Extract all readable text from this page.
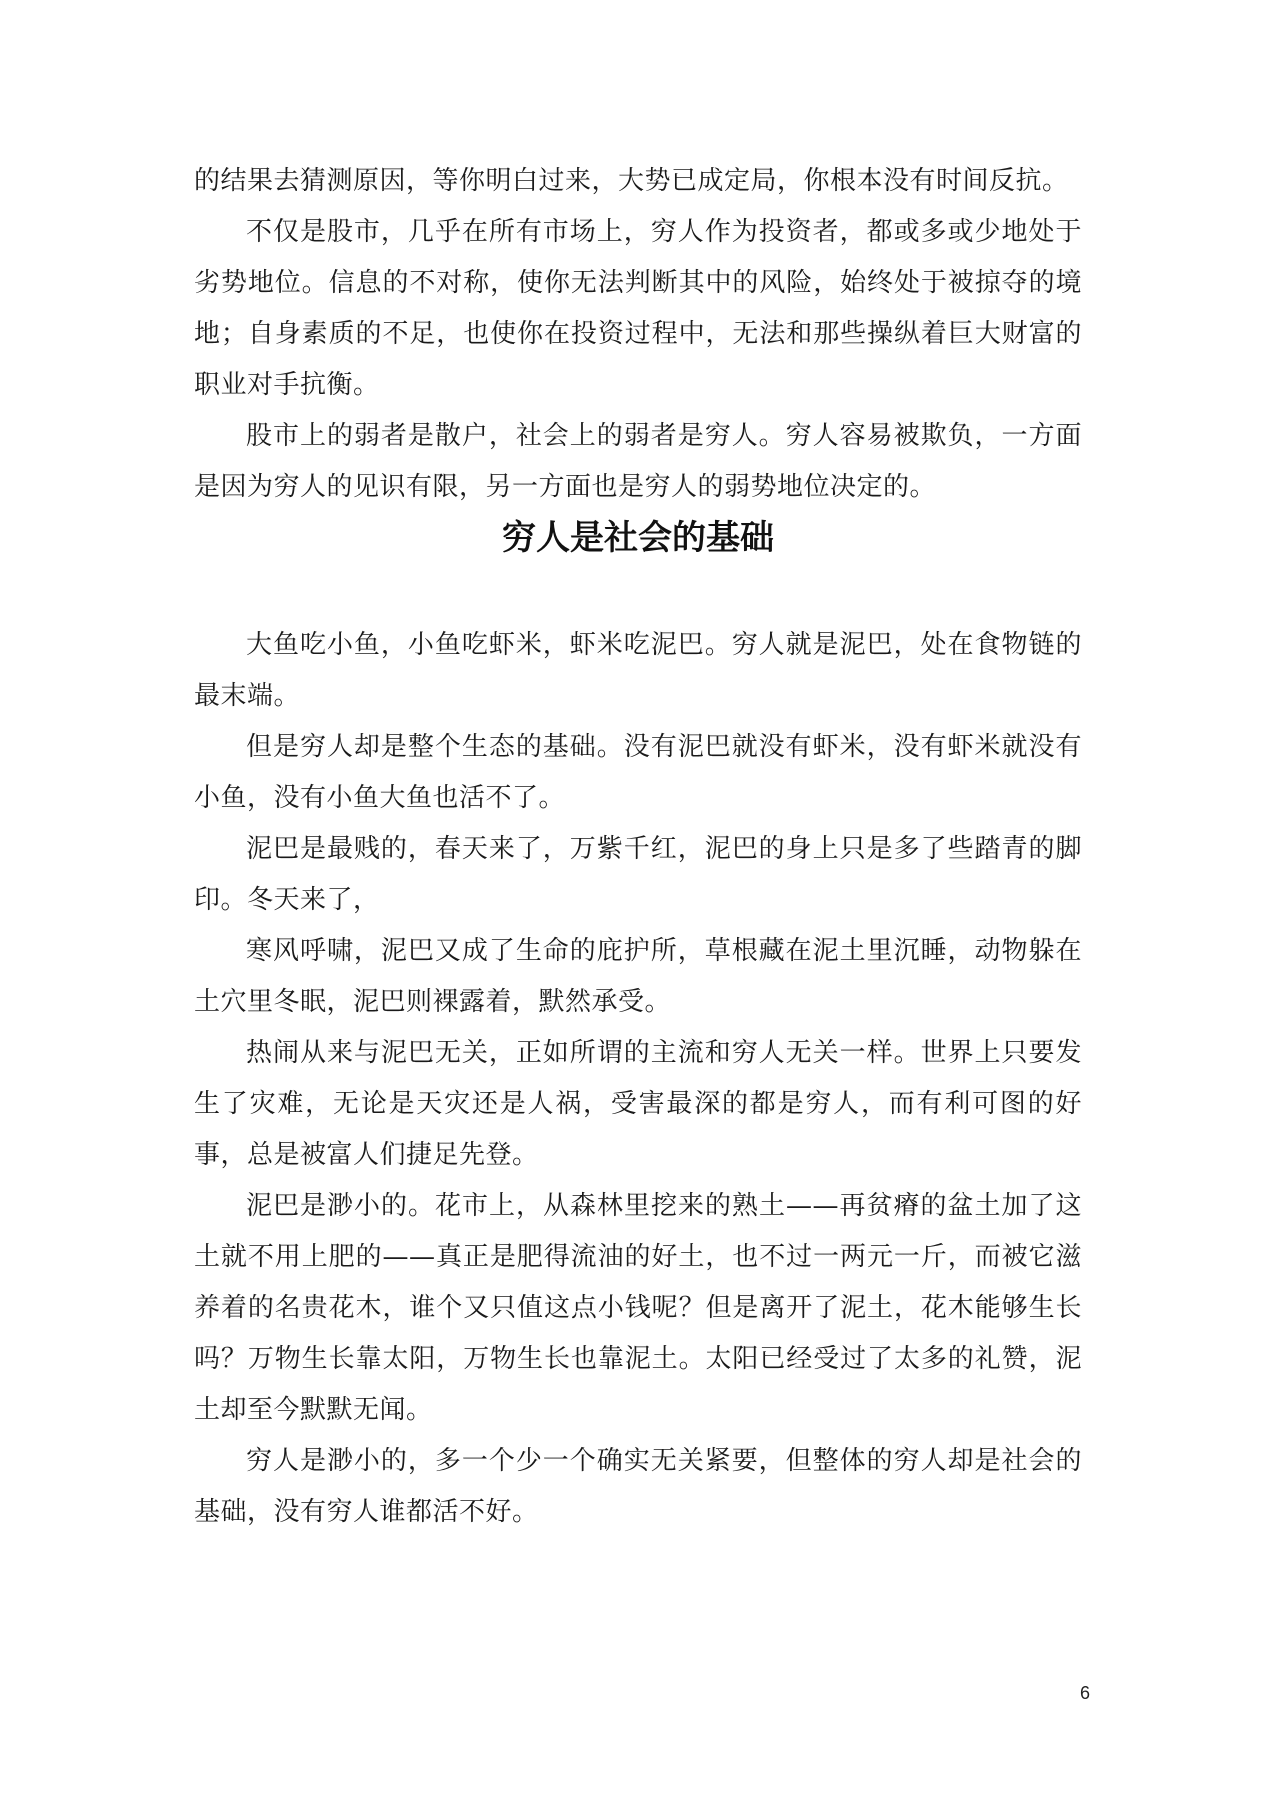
的结果去猜测原因，等你明白过来，大势已成定局，你根本没有时间反抗。

不仅是股市，几乎在所有市场上，穷人作为投资者，都或多或少地处于劣势地位。信息的不对称，使你无法判断其中的风险，始终处于被掠夺的境地；自身素质的不足，也使你在投资过程中，无法和那些操纵着巨大财富的职业对手抗衡。

股市上的弱者是散户，社会上的弱者是穷人。穷人容易被欺负，一方面是因为穷人的见识有限，另一方面也是穷人的弱势地位决定的。

穷人是社会的基础

大鱼吃小鱼，小鱼吃虾米，虾米吃泥巴。穷人就是泥巴，处在食物链的最末端。

但是穷人却是整个生态的基础。没有泥巴就没有虾米，没有虾米就没有小鱼，没有小鱼大鱼也活不了。

泥巴是最贱的，春天来了，万紫千红，泥巴的身上只是多了些踏青的脚印。冬天来了，

寒风呼啸，泥巴又成了生命的庇护所，草根藏在泥土里沉睡，动物躲在土穴里冬眠，泥巴则裸露着，默然承受。

热闹从来与泥巴无关，正如所谓的主流和穷人无关一样。世界上只要发生了灾难，无论是天灾还是人祸，受害最深的都是穷人，而有利可图的好事，总是被富人们捷足先登。

泥巴是渺小的。花市上，从森林里挖来的熟土——再贫瘠的盆土加了这土就不用上肥的——真正是肥得流油的好土，也不过一两元一斤，而被它滋养着的名贵花木，谁个又只值这点小钱呢？但是离开了泥土，花木能够生长吗？万物生长靠太阳，万物生长也靠泥土。太阳已经受过了太多的礼赞，泥土却至今默默无闻。

穷人是渺小的，多一个少一个确实无关紧要，但整体的穷人却是社会的基础，没有穷人谁都活不好。

6
